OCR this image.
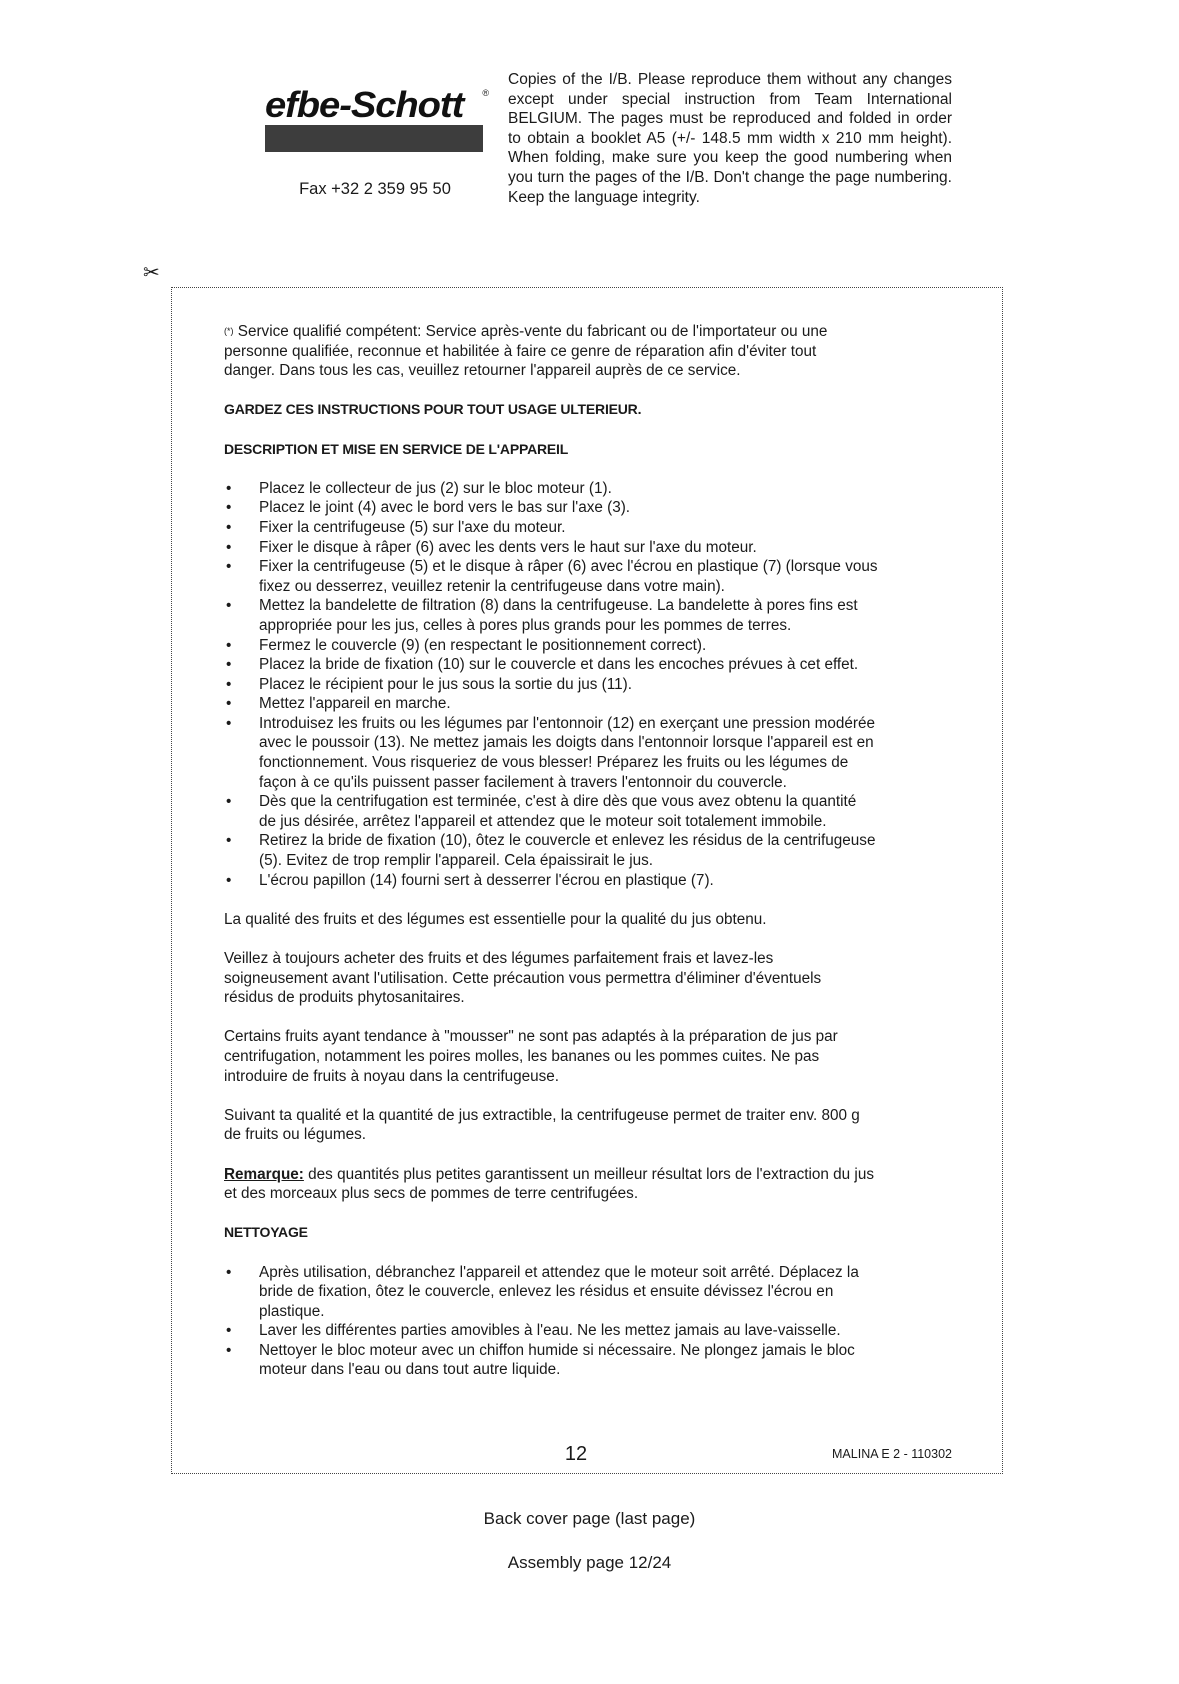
efbe-Schott	®
Fax +32 2 359 95 50
Copies of the I/B. Please reproduce them without any changes except under special instruction from Team International BELGIUM. The pages must be reproduced and folded in order to obtain a booklet A5 (+/- 148.5 mm width x 210 mm height). When folding, make sure you keep the good numbering when you turn the pages of the I/B. Don't change the page numbering. Keep the language integrity.
✂
(*) Service qualifié compétent: Service après-vente du fabricant ou de l'importateur ou une
personne qualifiée, reconnue et habilitée à faire ce genre de réparation afin d'éviter tout
danger. Dans tous les cas, veuillez retourner l'appareil auprès de ce service.
GARDEZ CES INSTRUCTIONS POUR TOUT USAGE ULTERIEUR.
DESCRIPTION ET MISE EN SERVICE DE L'APPAREIL
• Placez le collecteur de jus (2) sur le bloc moteur (1).
• Placez le joint (4) avec le bord vers le bas sur l'axe (3).
• Fixer la centrifugeuse (5) sur l'axe du moteur.
• Fixer le disque à râper (6) avec les dents vers le haut sur l'axe du moteur.
• Fixer la centrifugeuse (5) et le disque à râper (6) avec l'écrou en plastique (7) (lorsque vous
fixez ou desserrez, veuillez retenir la centrifugeuse dans votre main).
• Mettez la bandelette de filtration (8) dans la centrifugeuse. La bandelette à pores fins est
appropriée pour les jus, celles à pores plus grands pour les pommes de terres.
• Fermez le couvercle (9) (en respectant le positionnement correct).
• Placez la bride de fixation (10) sur le couvercle et dans les encoches prévues à cet effet.
• Placez le récipient pour le jus sous la sortie du jus (11).
• Mettez l'appareil en marche.
• Introduisez les fruits ou les légumes par l'entonnoir (12) en exerçant une pression modérée
avec le poussoir (13). Ne mettez jamais les doigts dans l'entonnoir lorsque l'appareil est en
fonctionnement. Vous risqueriez de vous blesser! Préparez les fruits ou les légumes de
façon à ce qu'ils puissent passer facilement à travers l'entonnoir du couvercle.
• Dès que la centrifugation est terminée, c'est à dire dès que vous avez obtenu la quantité
de jus désirée, arrêtez l'appareil et attendez que le moteur soit totalement immobile.
• Retirez la bride de fixation (10), ôtez le couvercle et enlevez les résidus de la centrifugeuse
(5). Evitez de trop remplir l'appareil. Cela épaissirait le jus.
• L'écrou papillon (14) fourni sert à desserrer l'écrou en plastique (7).
La qualité des fruits et des légumes est essentielle pour la qualité du jus obtenu.
Veillez à toujours acheter des fruits et des légumes parfaitement frais et lavez-les
soigneusement avant l'utilisation. Cette précaution vous permettra d'éliminer d'éventuels
résidus de produits phytosanitaires.
Certains fruits ayant tendance à "mousser" ne sont pas adaptés à la préparation de jus par
centrifugation, notamment les poires molles, les bananes ou les pommes cuites. Ne pas
introduire de fruits à noyau dans la centrifugeuse.
Suivant ta qualité et la quantité de jus extractible, la centrifugeuse permet de traiter env. 800 g
de fruits ou légumes.
Remarque: des quantités plus petites garantissent un meilleur résultat lors de l'extraction du jus
et des morceaux plus secs de pommes de terre centrifugées.
NETTOYAGE
• Après utilisation, débranchez l'appareil et attendez que le moteur soit arrêté. Déplacez la
bride de fixation, ôtez le couvercle, enlevez les résidus et ensuite dévissez l'écrou en
plastique.
• Laver les différentes parties amovibles à l'eau. Ne les mettez jamais au lave-vaisselle.
• Nettoyer le bloc moteur avec un chiffon humide si nécessaire. Ne plongez jamais le bloc
moteur dans l'eau ou dans tout autre liquide.
12	MALINA E 2 - 110302
Back cover page (last page)
Assembly page 12/24
